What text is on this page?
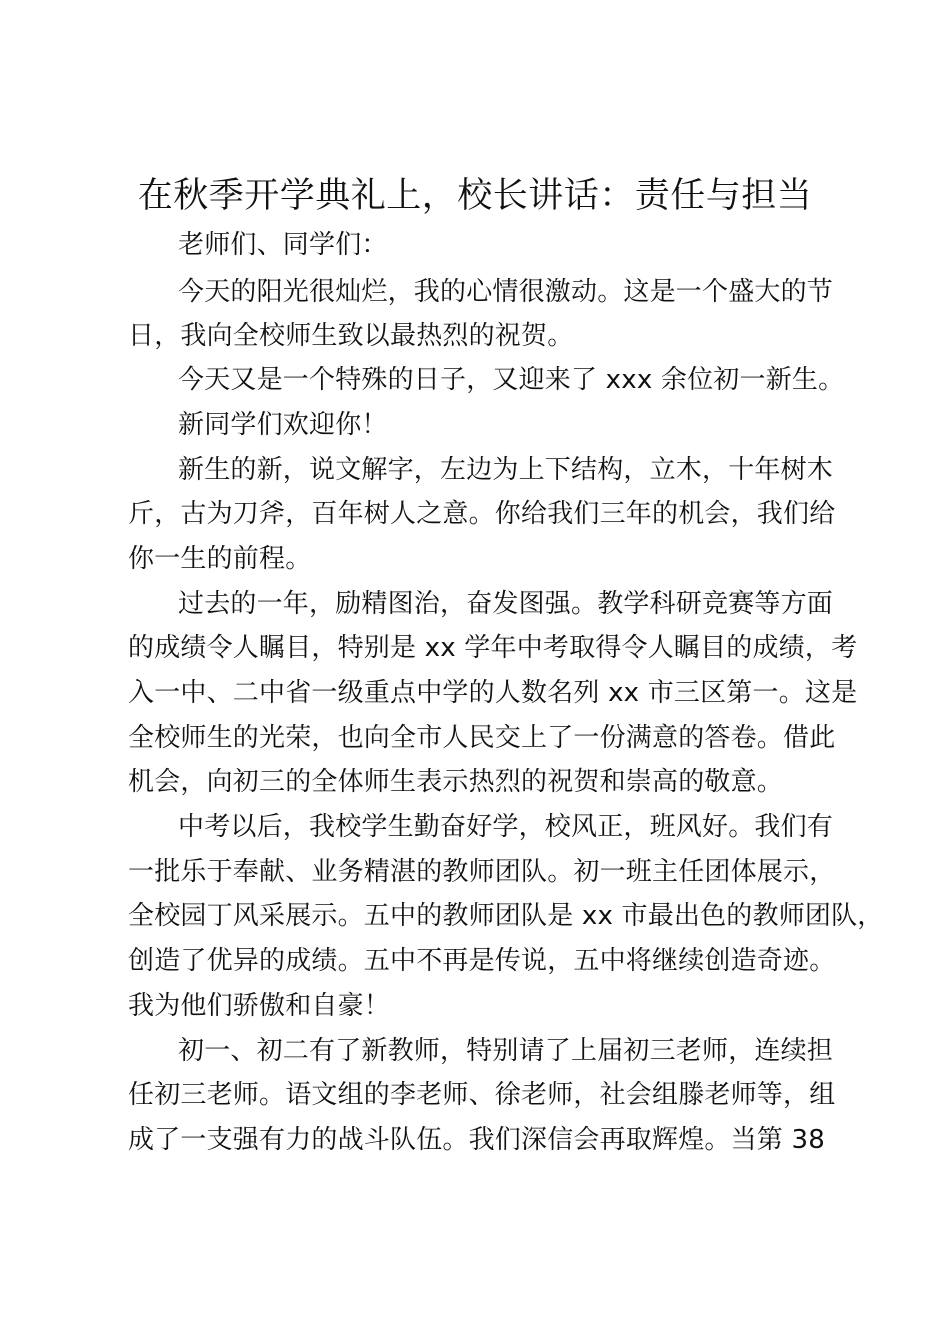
在秋季开学典礼上，校长讲话：责任与担当
老师们、同学们：
今天的阳光很灿烂，我的心情很激动。这是一个盛大的节
日，我向全校师生致以最热烈的祝贺。
今天又是一个特殊的日子，又迎来了 xxx 余位初一新生。
新同学们欢迎你！
新生的新，说文解字，左边为上下结构，立木，十年树木
斤，古为刀斧，百年树人之意。你给我们三年的机会，我们给
你一生的前程。
过去的一年，励精图治，奋发图强。教学科研竞赛等方面
的成绩令人瞩目，特别是 xx 学年中考取得令人瞩目的成绩，考
入一中、二中省一级重点中学的人数名列 xx 市三区第一。这是
全校师生的光荣，也向全市人民交上了一份满意的答卷。借此
机会，向初三的全体师生表示热烈的祝贺和崇高的敬意。
中考以后，我校学生勤奋好学，校风正，班风好。我们有
一批乐于奉献、业务精湛的教师团队。初一班主任团体展示，
全校园丁风采展示。五中的教师团队是 xx 市最出色的教师团队，
创造了优异的成绩。五中不再是传说，五中将继续创造奇迹。
我为他们骄傲和自豪！
初一、初二有了新教师，特别请了上届初三老师，连续担
任初三老师。语文组的李老师、徐老师，社会组滕老师等，组
成了一支强有力的战斗队伍。我们深信会再取辉煌。当第 38
